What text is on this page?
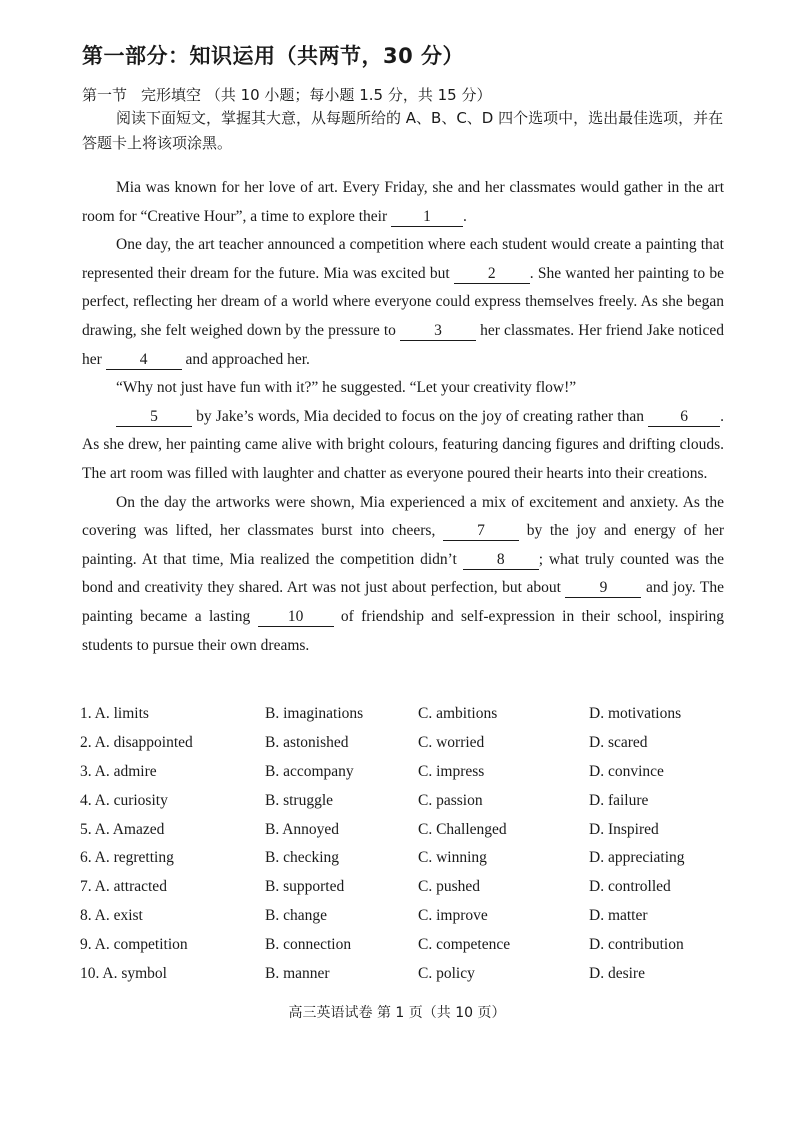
第一部分：知识运用（共两节，30 分）
第一节 完形填空 （共 10 小题；每小题 1.5 分，共 15 分）
阅读下面短文，掌握其大意，从每题所给的 A、B、C、D 四个选项中，选出最佳选项，并在答题卡上将该项涂黑。

Mia was known for her love of art. Every Friday, she and her classmates would gather in the art room for “Creative Hour”, a time to explore their 1 .

One day, the art teacher announced a competition where each student would create a painting that represented their dream for the future. Mia was excited but 2 . She wanted her painting to be perfect, reflecting her dream of a world where everyone could express themselves freely. As she began drawing, she felt weighed down by the pressure to 3 her classmates. Her friend Jake noticed her 4 and approached her.

“Why not just have fun with it?” he suggested. “Let your creativity flow!”

5 by Jake’s words, Mia decided to focus on the joy of creating rather than 6 . As she drew, her painting came alive with bright colours, featuring dancing figures and drifting clouds. The art room was filled with laughter and chatter as everyone poured their hearts into their creations.

On the day the artworks were shown, Mia experienced a mix of excitement and anxiety. As the covering was lifted, her classmates burst into cheers, 7 by the joy and energy of her painting. At that time, Mia realized the competition didn’t 8 ; what truly counted was the bond and creativity they shared. Art was not just about perfection, but about 9 and joy. The painting became a lasting 10 of friendship and self-expression in their school, inspiring students to pursue their own dreams.

1. A. limits	B. imaginations	C. ambitions	D. motivations
2. A. disappointed	B. astonished	C. worried	D. scared
3. A. admire	B. accompany	C. impress	D. convince
4. A. curiosity	B. struggle	C. passion	D. failure
5. A. Amazed	B. Annoyed	C. Challenged	D. Inspired
6. A. regretting	B. checking	C. winning	D. appreciating
7. A. attracted	B. supported	C. pushed	D. controlled
8. A. exist	B. change	C. improve	D. matter
9. A. competition	B. connection	C. competence	D. contribution
10. A. symbol	B. manner	C. policy	D. desire
高三英语试卷 第 1 页（共 10 页）
